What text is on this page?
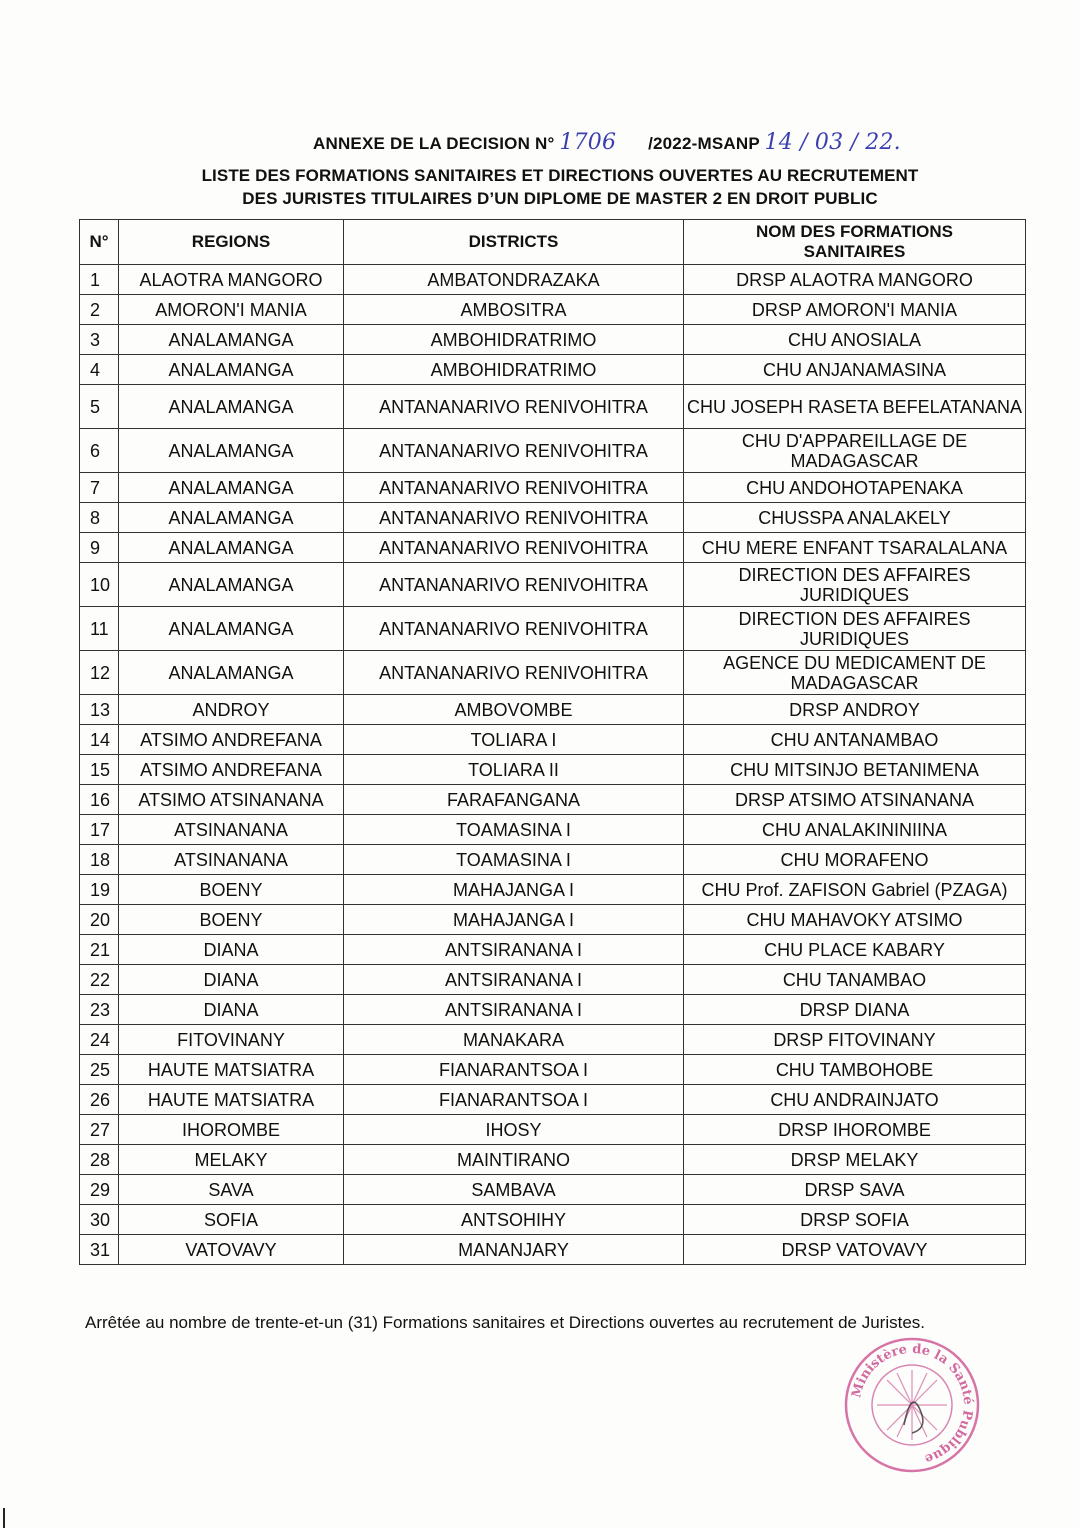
ANNEXE DE LA DECISION N° 1706 /2022-MSANP 14 / 03 / 22.
LISTE DES FORMATIONS SANITAIRES ET DIRECTIONS OUVERTES AU RECRUTEMENT
DES JURISTES TITULAIRES D’UN DIPLOME DE MASTER 2 EN DROIT PUBLIC
N°	REGIONS	DISTRICTS	NOM DES FORMATIONS SANITAIRES
1	ALAOTRA MANGORO	AMBATONDRAZAKA	DRSP ALAOTRA MANGORO
2	AMORON'I MANIA	AMBOSITRA	DRSP AMORON'I MANIA
3	ANALAMANGA	AMBOHIDRATRIMO	CHU ANOSIALA
4	ANALAMANGA	AMBOHIDRATRIMO	CHU ANJANAMASINA
5	ANALAMANGA	ANTANANARIVO RENIVOHITRA	CHU JOSEPH RASETA BEFELATANANA
6	ANALAMANGA	ANTANANARIVO RENIVOHITRA	CHU D'APPAREILLAGE DE MADAGASCAR
7	ANALAMANGA	ANTANANARIVO RENIVOHITRA	CHU ANDOHOTAPENAKA
8	ANALAMANGA	ANTANANARIVO RENIVOHITRA	CHUSSPA ANALAKELY
9	ANALAMANGA	ANTANANARIVO RENIVOHITRA	CHU MERE ENFANT TSARALALANA
10	ANALAMANGA	ANTANANARIVO RENIVOHITRA	DIRECTION DES AFFAIRES JURIDIQUES
11	ANALAMANGA	ANTANANARIVO RENIVOHITRA	DIRECTION DES AFFAIRES JURIDIQUES
12	ANALAMANGA	ANTANANARIVO RENIVOHITRA	AGENCE DU MEDICAMENT DE MADAGASCAR
13	ANDROY	AMBOVOMBE	DRSP ANDROY
14	ATSIMO ANDREFANA	TOLIARA I	CHU ANTANAMBAO
15	ATSIMO ANDREFANA	TOLIARA II	CHU MITSINJO BETANIMENA
16	ATSIMO ATSINANANA	FARAFANGANA	DRSP ATSIMO ATSINANANA
17	ATSINANANA	TOAMASINA I	CHU ANALAKININIINA
18	ATSINANANA	TOAMASINA I	CHU MORAFENO
19	BOENY	MAHAJANGA I	CHU Prof. ZAFISON Gabriel (PZAGA)
20	BOENY	MAHAJANGA I	CHU MAHAVOKY ATSIMO
21	DIANA	ANTSIRANANA I	CHU PLACE KABARY
22	DIANA	ANTSIRANANA I	CHU TANAMBAO
23	DIANA	ANTSIRANANA I	DRSP DIANA
24	FITOVINANY	MANAKARA	DRSP FITOVINANY
25	HAUTE MATSIATRA	FIANARANTSOA I	CHU TAMBOHOBE
26	HAUTE MATSIATRA	FIANARANTSOA I	CHU ANDRAINJATO
27	IHOROMBE	IHOSY	DRSP IHOROMBE
28	MELAKY	MAINTIRANO	DRSP MELAKY
29	SAVA	SAMBAVA	DRSP SAVA
30	SOFIA	ANTSOHIHY	DRSP SOFIA
31	VATOVAVY	MANANJARY	DRSP VATOVAVY
Arrêtée au nombre de trente-et-un (31) Formations sanitaires et Directions ouvertes au recrutement de Juristes.
Ministère de la Santé Publique
